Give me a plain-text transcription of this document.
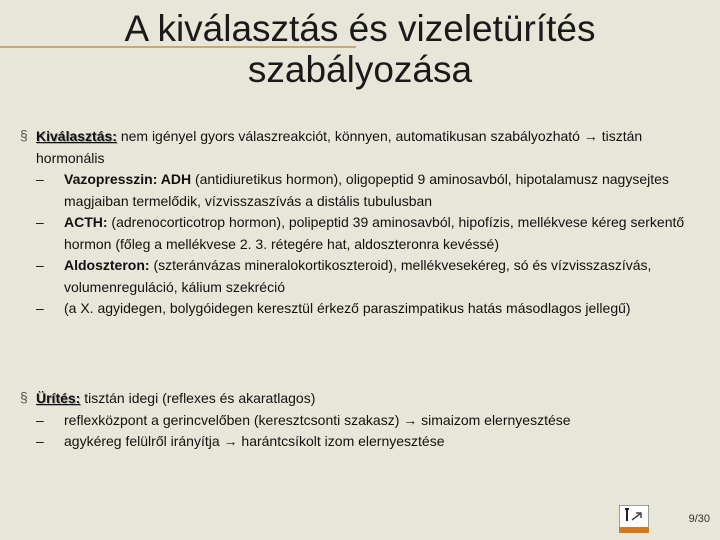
A kiválasztás és vizeletürítés
szabályozása
§ Kiválasztás: nem igényel gyors válaszreakciót, könnyen, automatikusan szabályozható → tisztán hormonális
– Vazopresszin: ADH (antidiuretikus hormon), oligopeptid 9 aminosavból, hipotalamusz nagysejtes magjaiban termelődik, vízvisszaszívás a distális tubulusban
– ACTH: (adrenocorticotrop hormon), polipeptid 39 aminosavból, hipofízis, mellékvese kéreg serkentő hormon (főleg a mellékvese 2. 3. rétegére hat, aldoszteronra kevéssé)
– Aldoszteron: (szteránvázas mineralokortikoszteroid), mellékvesekéreg, só és vízvisszaszívás, volumenreguláció, kálium szekréció
– (a X. agyidegen, bolygóidegen keresztül érkező paraszimpatikus hatás másodlagos jellegű)
§ Ürítés: tisztán idegi (reflexes és akaratlagos)
– reflexközpont a gerincvelőben (keresztcsonti szakasz) → simaizom elernyesztése
– agykéreg felülről irányítja → harántcsíkolt izom elernyesztése
9/30
